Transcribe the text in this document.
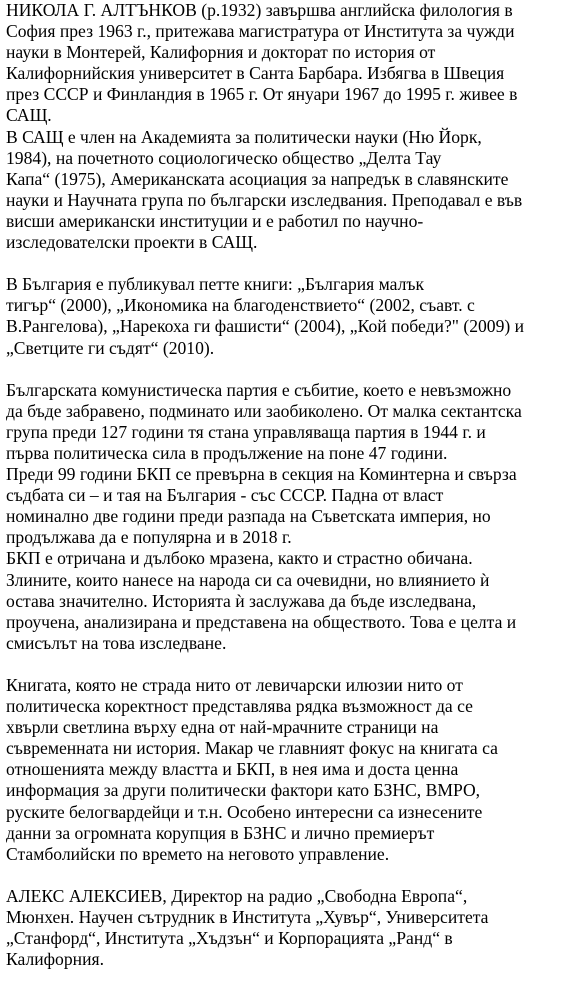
НИКОЛА Г. АЛТЪНКОВ (р.1932) завършва английска филология в
София през 1963 г., притежава магистратура от Института за чужди
науки в Монтерей, Калифорния и докторат по история от
Калифорнийския университет в Санта Барбара. Избягва в Швеция
през СССР и Финландия в 1965 г. От януари 1967 до 1995 г. живее в
САЩ.
В САЩ е член на Академията за политически науки (Ню Йорк,
1984), на почетното социологическо общество „Делта Тау
Капа“ (1975), Американската асоциация за напредък в славянските
науки и Научната група по български изследвания. Преподавал е във
висши американски институции и е работил по научно-
изследователски проекти в САЩ.
В България е публикувал петте книги: „България малък
тигър“ (2000), „Икономика на благоденствието“ (2002, съавт. с
В.Рангелова), „Нарекоха ги фашисти“ (2004), „Кой победи?" (2009) и
„Светците ги съдят“ (2010).
Българската комунистическа партия е събитие, което е невъзможно
да бъде забравено, подминато или заобиколено. От малка сектантска
група преди 127 години тя стана управляваща партия в 1944 г. и
първа политическа сила в продължение на поне 47 години.
Преди 99 години БКП се превърна в секция на Коминтерна и свърза
съдбата си – и тая на България - със СССР. Падна от власт
номинално две години преди разпада на Съветската империя, но
продължава да е популярна и в 2018 г.
БКП е отричана и дълбоко мразена, както и страстно обичана.
Злините, които нанесе на народа си са очевидни, но влиянието ѝ
остава значително. Историята ѝ заслужава да бъде изследвана,
проучена, анализирана и представена на обществото. Това е целта и
смисълът на това изследване.
Книгата, която не страда нито от левичарски илюзии нито от
политическа коректност представлява рядка възможност да се
хвърли светлина върху една от най-мрачните страници на
съвременната ни история. Макар че главният фокус на книгата са
отношенията между властта и БКП, в нея има и доста ценна
информация за други политически фактори като БЗНС, ВМРО,
руските белогвардейци и т.н. Особено интересни са изнесените
данни за огромната корупция в БЗНС и лично премиерът
Стамболийски по времето на неговото управление.
АЛЕКС АЛЕКСИЕВ, Директор на радио „Свободна Европа“,
Мюнхен. Научен сътрудник в Института „Хувър“, Университета
„Станфорд“, Института „Хъдзън“ и Корпорацията „Ранд“ в
Калифорния.
